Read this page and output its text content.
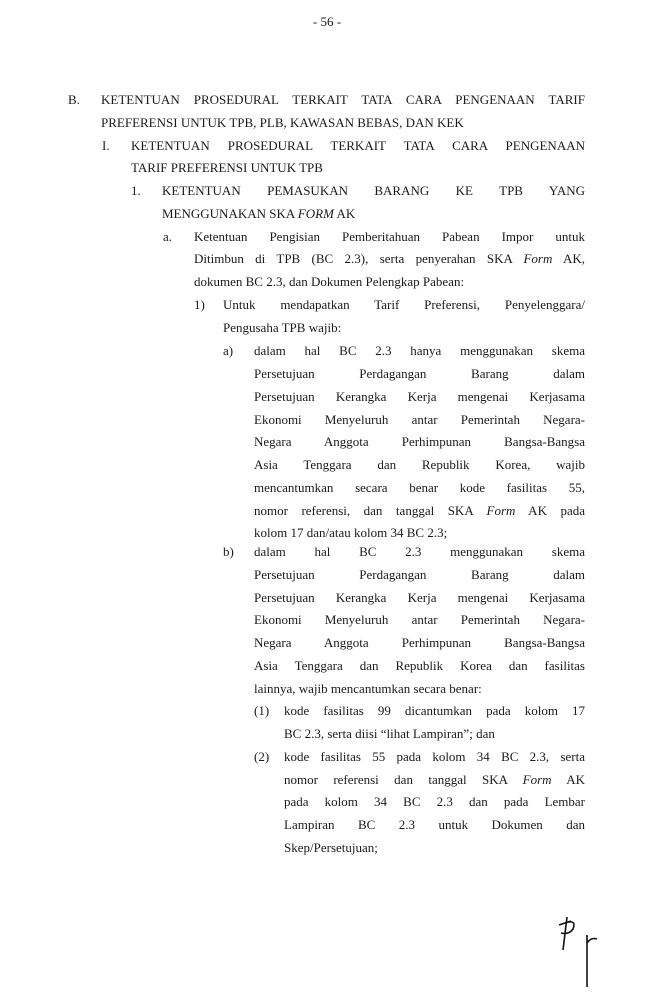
- 56 -
B. KETENTUAN PROSEDURAL TERKAIT TATA CARA PENGENAAN TARIF
PREFERENSI UNTUK TPB, PLB, KAWASAN BEBAS, DAN KEK
I. KETENTUAN PROSEDURAL TERKAIT TATA CARA PENGENAAN
TARIF PREFERENSI UNTUK TPB
1. KETENTUAN PEMASUKAN BARANG KE TPB YANG
MENGGUNAKAN SKA FORM AK
a. Ketentuan Pengisian Pemberitahuan Pabean Impor untuk
Ditimbun di TPB (BC 2.3), serta penyerahan SKA Form AK,
dokumen BC 2.3, dan Dokumen Pelengkap Pabean:
1) Untuk mendapatkan Tarif Preferensi, Penyelenggara/
Pengusaha TPB wajib:
a) dalam hal BC 2.3 hanya menggunakan skema
Persetujuan Perdagangan Barang dalam
Persetujuan Kerangka Kerja mengenai Kerjasama
Ekonomi Menyeluruh antar Pemerintah Negara-
Negara Anggota Perhimpunan Bangsa-Bangsa
Asia Tenggara dan Republik Korea, wajib
mencantumkan secara benar kode fasilitas 55,
nomor referensi, dan tanggal SKA Form AK pada
kolom 17 dan/atau kolom 34 BC 2.3;
b) dalam hal BC 2.3 menggunakan skema
Persetujuan Perdagangan Barang dalam
Persetujuan Kerangka Kerja mengenai Kerjasama
Ekonomi Menyeluruh antar Pemerintah Negara-
Negara Anggota Perhimpunan Bangsa-Bangsa
Asia Tenggara dan Republik Korea dan fasilitas
lainnya, wajib mencantumkan secara benar:
(1) kode fasilitas 99 dicantumkan pada kolom 17
BC 2.3, serta diisi “lihat Lampiran”; dan
(2) kode fasilitas 55 pada kolom 34 BC 2.3, serta
nomor referensi dan tanggal SKA Form AK
pada kolom 34 BC 2.3 dan pada Lembar
Lampiran BC 2.3 untuk Dokumen dan
Skep/Persetujuan;
